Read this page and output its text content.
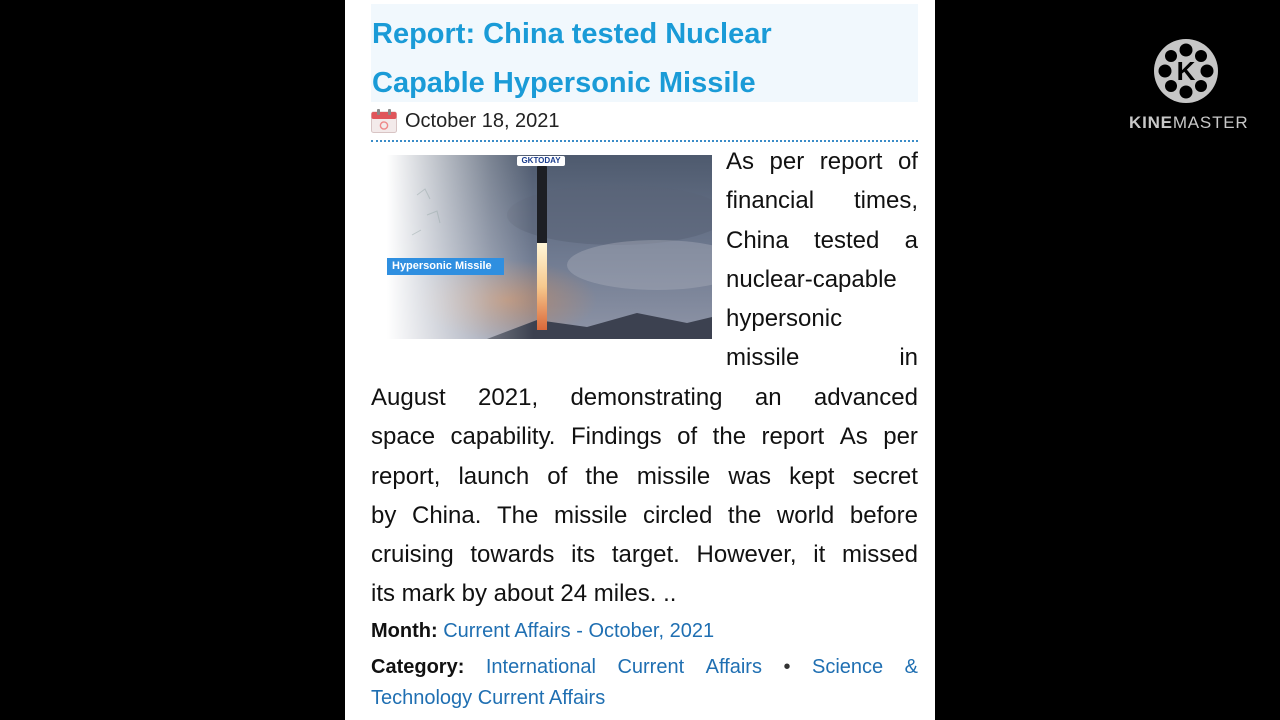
Report: China tested Nuclear
Capable Hypersonic Missile
October 18, 2021
GKTODAY
Hypersonic Missile
As per report of
financial times,
China tested a
nuclear-capable
hypersonic
missile	in
August 2021, demonstrating an advanced
space capability. Findings of the report As per
report, launch of the missile was kept secret
by China. The missile circled the world before
cruising towards its target. However, it missed
its mark by about 24 miles. ..
Month: Current Affairs - October, 2021
Category: International Current Affairs • Science &
Technology Current Affairs
K
KINEMASTER
